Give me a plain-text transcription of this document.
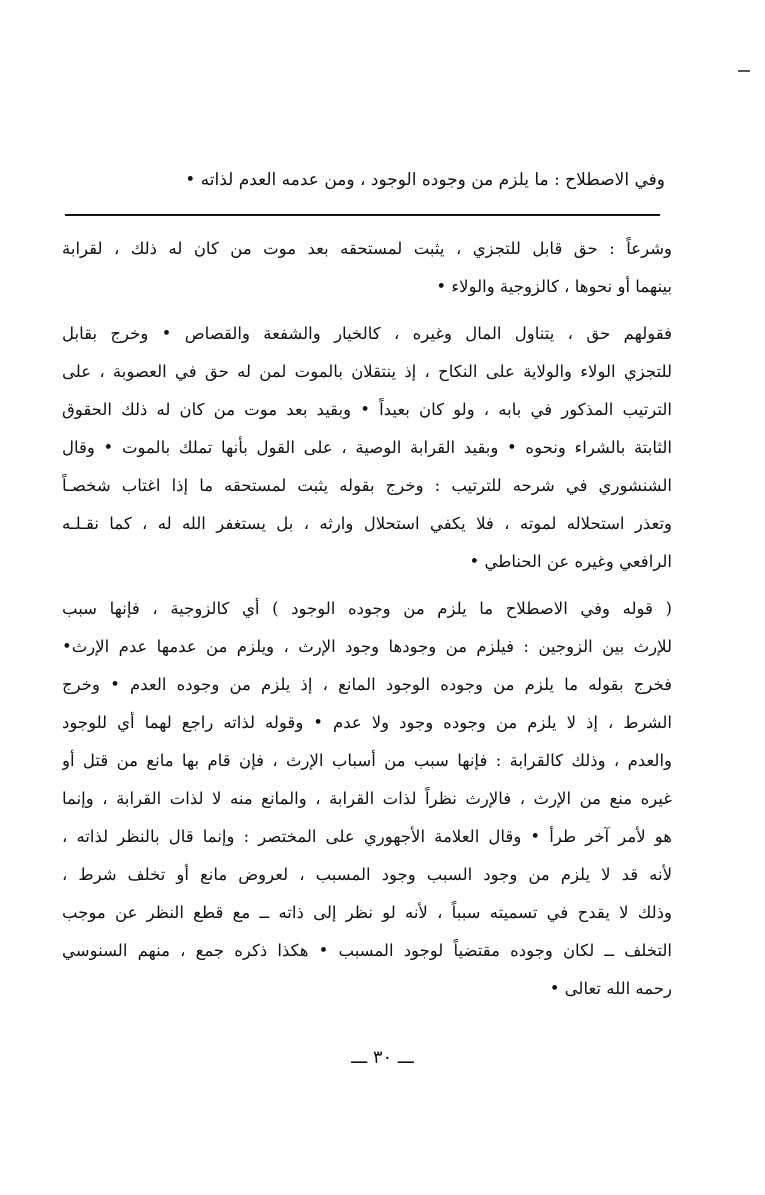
وفي الاصطلاح : ما يلزم من وجوده الوجود ، ومن عدمه العدم لذاته •
وشرعاً : حق قابل للتجزي ، يثبت لمستحقه بعد موت من كان له ذلك ، لقرابة
بينهما أو نحوها ، كالزوجية والولاء •
فقولهم حق ، يتناول المال وغيره ، كالخيار والشفعة والقصاص • وخرج بقابل
للتجزي الولاء والولاية على النكاح ، إذ ينتقلان بالموت لمن له حق في العصوبة ، على
الترتيب المذكور في بابه ، ولو كان بعيداً • وبقيد بعد موت من كان له ذلك الحقوق
الثابتة بالشراء ونحوه • وبقيد القرابة الوصية ، على القول بأنها تملك بالموت • وقال
الشنشوري في شرحه للترتيب : وخرج بقوله يثبت لمستحقه ما إذا اغتاب شخصـاً
وتعذر استحلاله لموته ، فلا يكفي استحلال وارثه ، بل يستغفر الله له ، كما نقـلـه
الرافعي وغيره عن الحناطي •
( قوله وفي الاصطلاح ما يلزم من وجوده الوجود ) أي كالزوجية ، فإنها سبب
للإرث بين الزوجين : فيلزم من وجودها وجود الإرث ، ويلزم من عدمها عدم الإرث•
فخرج بقوله ما يلزم من وجوده الوجود المانع ، إذ يلزم من وجوده العدم • وخرج
الشرط ، إذ لا يلزم من وجوده وجود ولا عدم • وقوله لذاته راجع لهما أي للوجود
والعدم ، وذلك كالقرابة : فإنها سبب من أسباب الإرث ، فإن قام بها مانع من قتل أو
غيره منع من الإرث ، فالإرث نظراً لذات القرابة ، والمانع منه لا لذات القرابة ، وإنما
هو لأمر آخر طرأ • وقال العلامة الأجهوري على المختصر : وإنما قال بالنظر لذاته ،
لأنه قد لا يلزم من وجود السبب وجود المسبب ، لعروض مانع أو تخلف شرط ،
وذلك لا يقدح في تسميته سبباً ، لأنه لو نظر إلى ذاته ــ مع قطع النظر عن موجب
التخلف ــ لكان وجوده مقتضياً لوجود المسبب • هكذا ذكره جمع ، منهم السنوسي
رحمه الله تعالى •
ـــ ٣٠ ـــ
